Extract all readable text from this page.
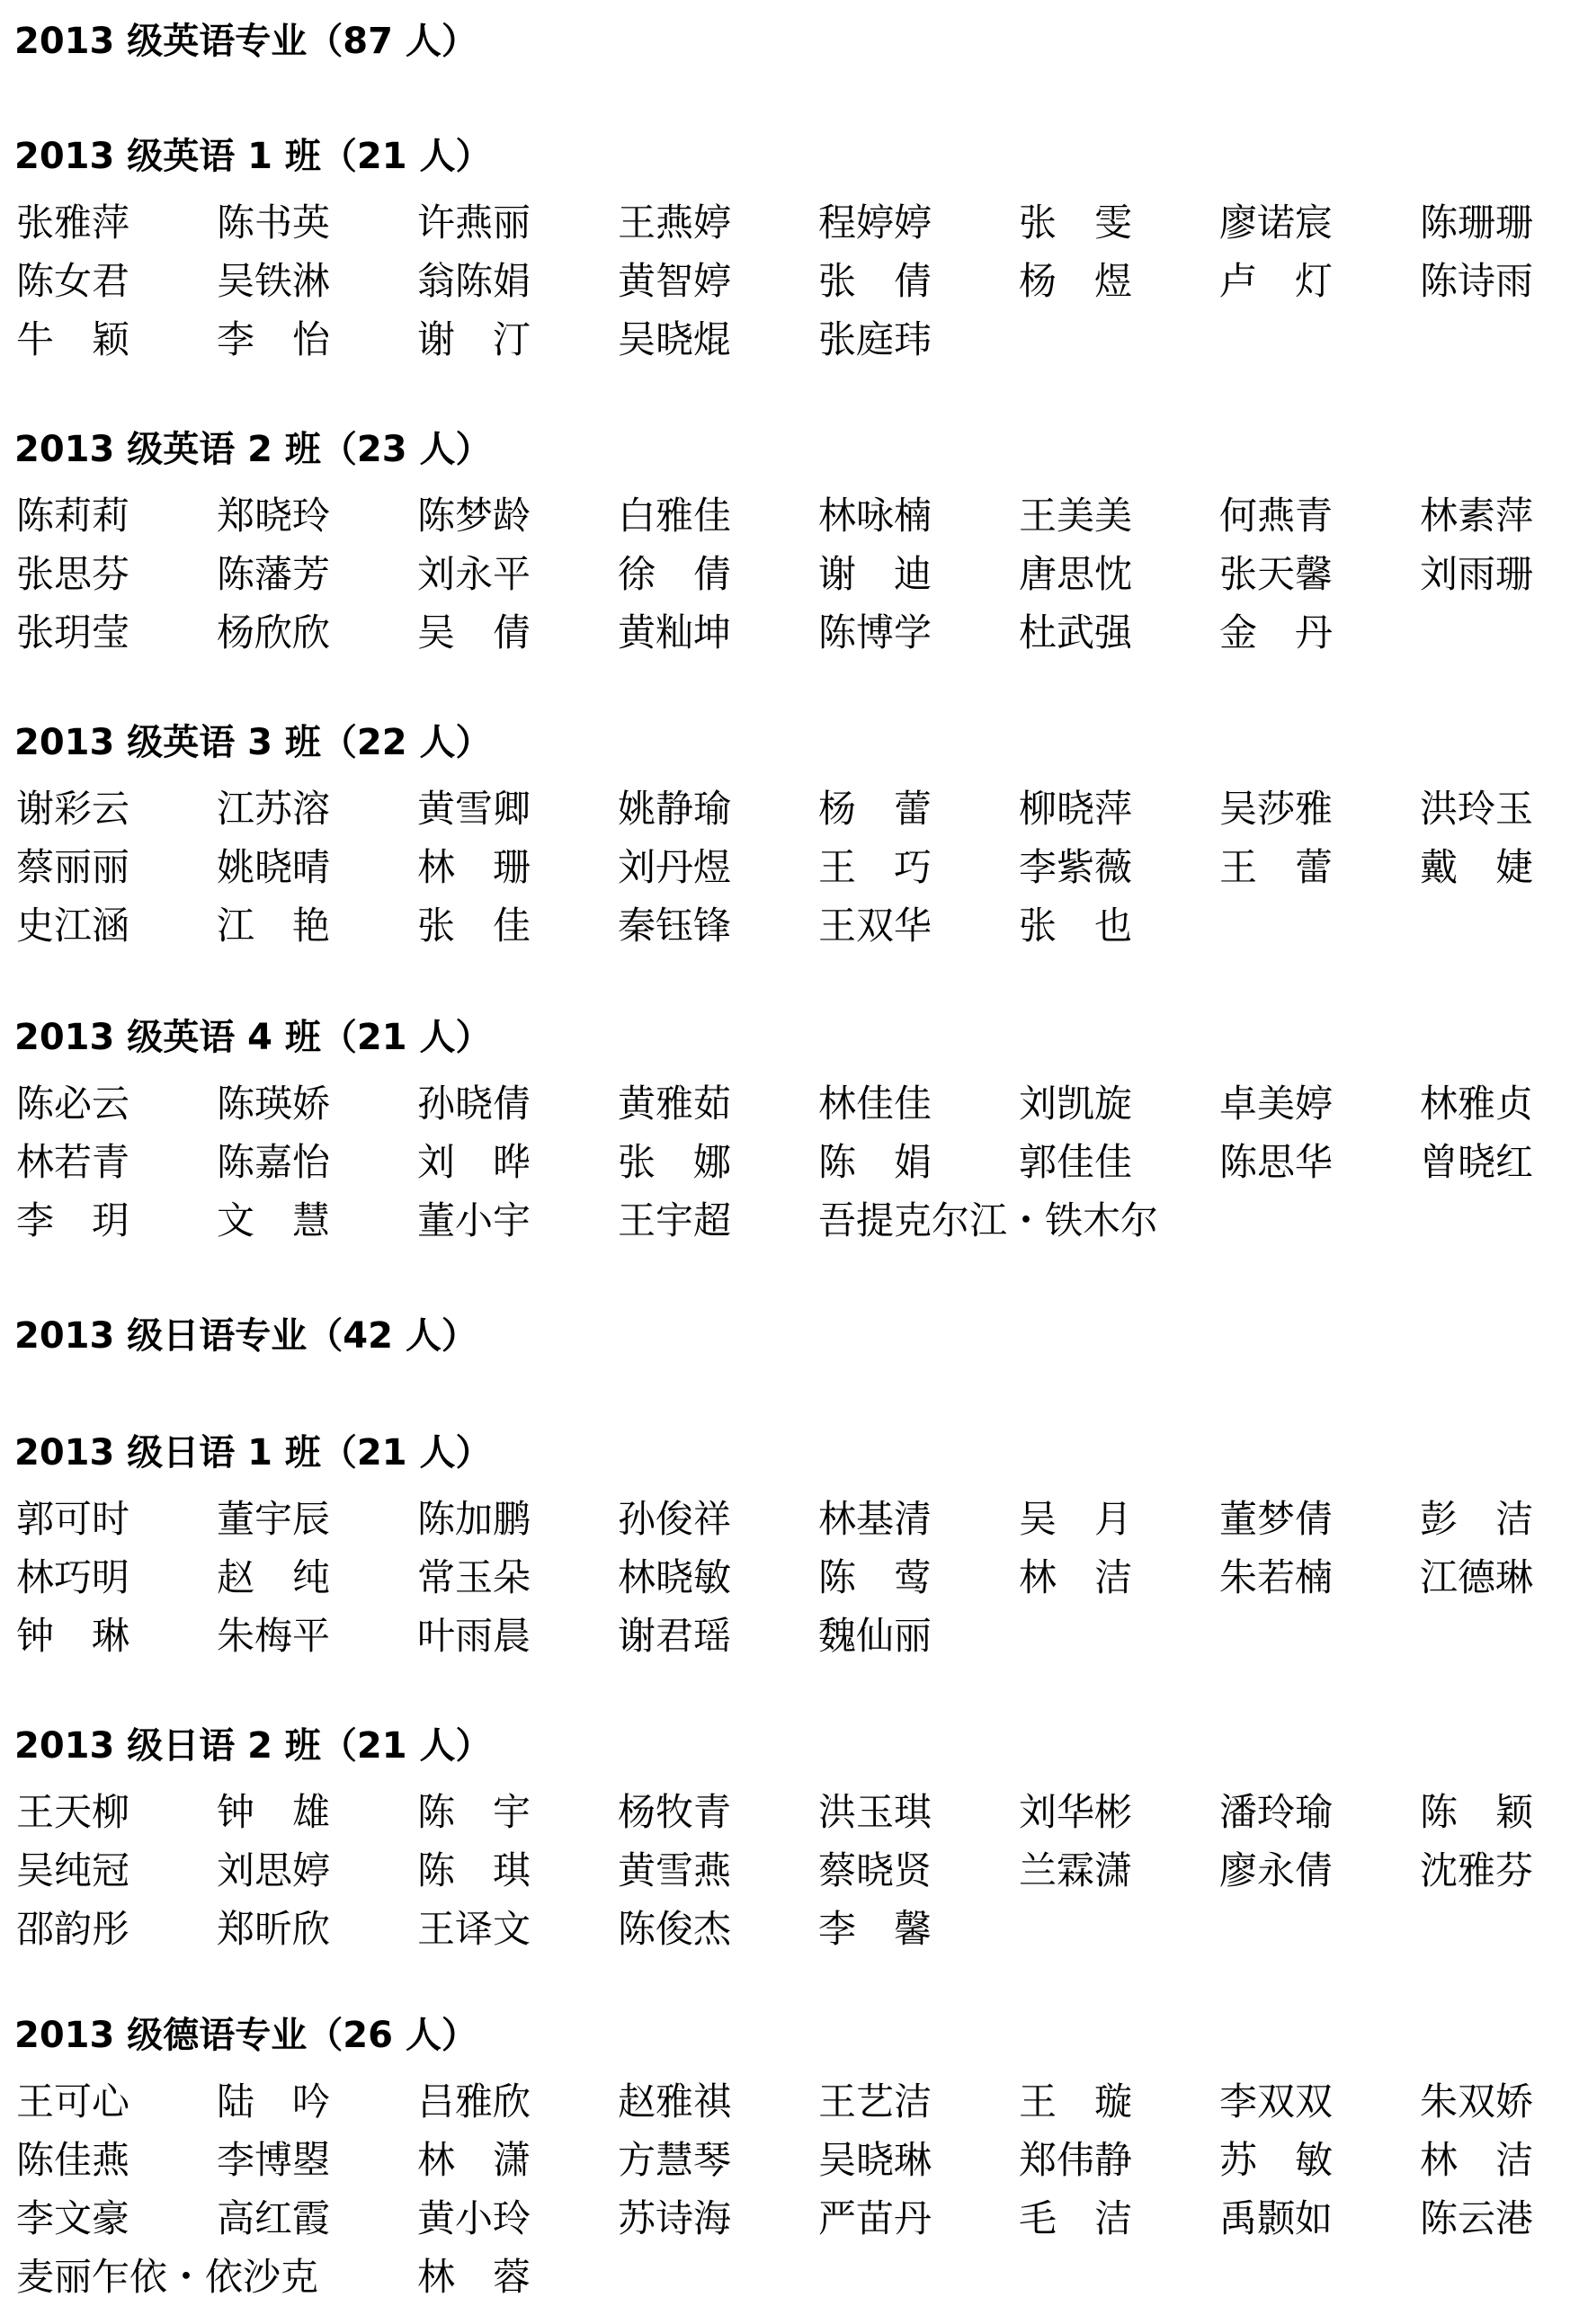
2013 级英语专业（87 人）
2013 级英语 1 班（21 人）
张雅萍 陈书英 许燕丽 王燕婷 程婷婷 张　雯 廖诺宸 陈珊珊
陈女君 吴铁淋 翁陈娟 黄智婷 张　倩 杨　煜 卢　灯 陈诗雨
牛　颖 李　怡 谢　汀 吴晓焜 张庭玮
2013 级英语 2 班（23 人）
陈莉莉 郑晓玲 陈梦龄 白雅佳 林咏楠 王美美 何燕青 林素萍
张思芬 陈藩芳 刘永平 徐　倩 谢　迪 唐思忱 张天馨 刘雨珊
张玥莹 杨欣欣 吴　倩 黄籼坤 陈博学 杜武强 金　丹
2013 级英语 3 班（22 人）
谢彩云 江苏溶 黄雪卿 姚静瑜 杨　蕾 柳晓萍 吴莎雅 洪玲玉
蔡丽丽 姚晓晴 林　珊 刘丹煜 王　巧 李紫薇 王　蕾 戴　婕
史江涵 江　艳 张　佳 秦钰锋 王双华 张　也
2013 级英语 4 班（21 人）
陈必云 陈瑛娇 孙晓倩 黄雅茹 林佳佳 刘凯旋 卓美婷 林雅贞
林若青 陈嘉怡 刘　晔 张　娜 陈　娟 郭佳佳 陈思华 曾晓红
李　玥 文　慧 董小宇 王宇超 吾提克尔江・铁木尔
2013 级日语专业（42 人）
2013 级日语 1 班（21 人）
郭可时 董宇辰 陈加鹏 孙俊祥 林基清 吴　月 董梦倩 彭　洁
林巧明 赵　纯 常玉朵 林晓敏 陈　莺 林　洁 朱若楠 江德琳
钟　琳 朱梅平 叶雨晨 谢君瑶 魏仙丽
2013 级日语 2 班（21 人）
王天柳 钟　雄 陈　宇 杨牧青 洪玉琪 刘华彬 潘玲瑜 陈　颖
吴纯冠 刘思婷 陈　琪 黄雪燕 蔡晓贤 兰霖潇 廖永倩 沈雅芬
邵韵彤 郑昕欣 王译文 陈俊杰 李　馨
2013 级德语专业（26 人）
王可心 陆　吟 吕雅欣 赵雅祺 王艺洁 王　璇 李双双 朱双娇
陈佳燕 李博曌 林　潇 方慧琴 吴晓琳 郑伟静 苏　敏 林　洁
李文豪 高红霞 黄小玲 苏诗海 严苗丹 毛　洁 禹颢如 陈云港
麦丽乍依・依沙克	林　蓉
